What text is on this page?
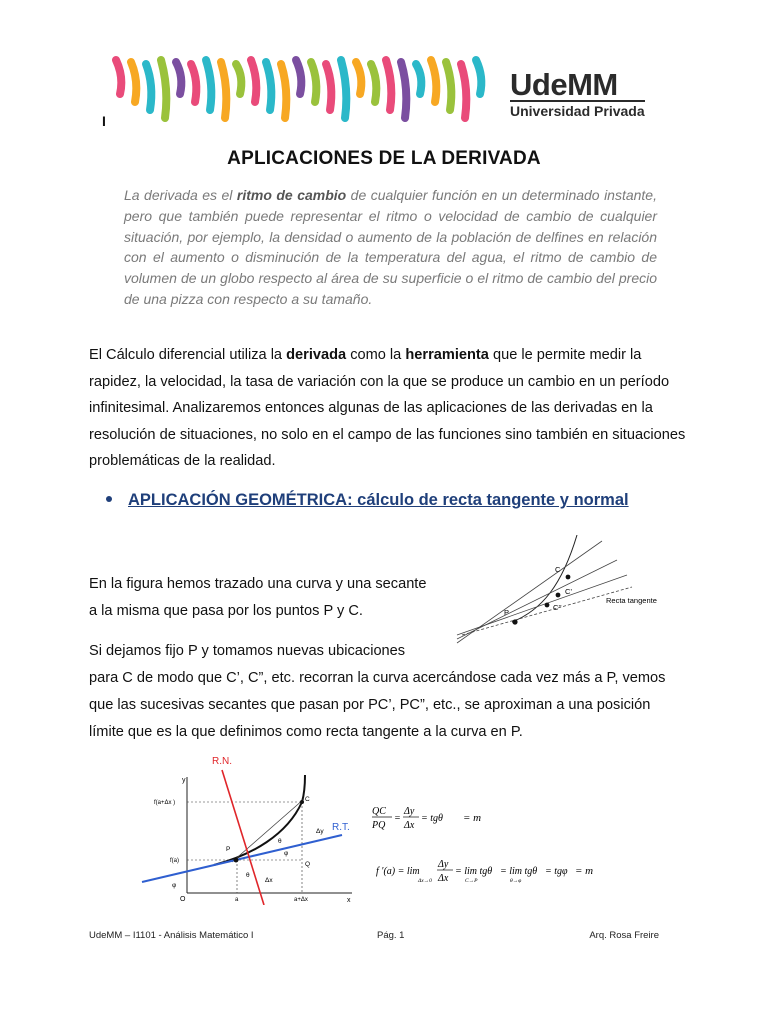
UdeMM
Universidad Privada
I
APLICACIONES DE LA DERIVADA
La derivada es el ritmo de cambio de cualquier función en un determinado instante, pero que también puede representar el ritmo o velocidad de cambio de cualquier situación, por ejemplo, la densidad o aumento de la población de delfines en relación con el aumento o disminución de la temperatura del agua, el ritmo de cambio de volumen de un globo respecto al área de su superficie o el ritmo de cambio del precio de una pizza con respecto a su tamaño.
El Cálculo diferencial utiliza la derivada como la herramienta que le permite medir la rapidez, la velocidad, la tasa de variación con la que se produce un cambio en un período infinitesimal. Analizaremos entonces algunas de las aplicaciones de las derivadas en la resolución de situaciones, no solo en el campo de las funciones sino también en situaciones problemáticas de la realidad.
APLICACIÓN GEOMÉTRICA: cálculo de recta tangente y normal
En la figura hemos trazado una curva y una secante
a la misma que pasa por los puntos P y C.
Si dejamos fijo P y tomamos nuevas ubicaciones
para C de modo que C’, C”, etc. recorran la curva acercándose cada vez más a P, vemos
que las sucesivas secantes que pasan por PC’, PC”, etc., se aproximan a una posición
límite que es la que definimos como recta tangente a la curva en P.
C
C’
C’’
P
Recta tangente
R.N.
R.T.
y
x
O
f(a)
f(a+Δx )
P
C
Q
Δy
Δx
a	a+Δx
θ
φ
θ
φ
QC
PQ
=
Δy
Δx
= tgθ = m
f ′(a) = lim
Δx→0
Δy
Δx
= lim tgθ
C→P
= lim tgθ
θ→φ
= tgφ = m
UdeMM – I1101 - Análisis Matemático I	Pág. 1	Arq. Rosa Freire
